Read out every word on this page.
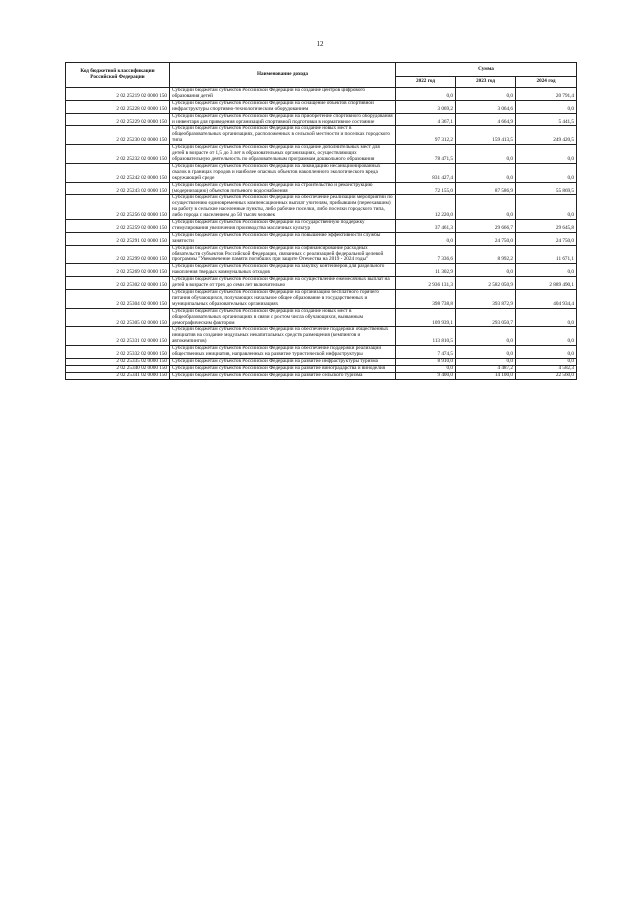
12
Код бюджетной классификации Российской Федерации	Наименование дохода	Сумма		
		2022 год	2023 год	2024 год
2 02 25219 02 0000 150	Субсидии бюджетам субъектов Российской Федерации на создание центров цифрового образования детей	0,0	0,0	20 791,4
2 02 25228 02 0000 150	Субсидии бюджетам субъектов Российской Федерации на оснащение объектов спортивной инфраструктуры спортивно-технологическим оборудованием	3 069,2	3 064,6	0,0
2 02 25229 02 0000 150	Субсидии бюджетам субъектов Российской Федерации на приобретение спортивного оборудования и инвентаря для приведения организаций спортивной подготовки в нормативное состояние	4 367,1	4 664,9	5 441,5
2 02 25230 02 0000 150	Субсидии бюджетам субъектов Российской Федерации на создание новых мест в общеобразовательных организациях, расположенных в сельской местности и поселках городского типа	97 312,2	159 413,5	249 420,5
2 02 25232 02 0000 150	Субсидии бюджетам субъектов Российской Федерации на создание дополнительных мест для детей в возрасте от 1,5 до 3 лет в образовательных организациях, осуществляющих образовательную деятельность по образовательным программам дошкольного образования	78 471,5	0,0	0,0
2 02 25242 02 0000 150	Субсидии бюджетам субъектов Российской Федерации на ликвидацию несанкционированных свалок в границах городов и наиболее опасных объектов накопленного экологического вреда окружающей среде	831 427,4	0,0	0,0
2 02 25243 02 0000 150	Субсидии бюджетам субъектов Российской Федерации на строительство и реконструкцию (модернизацию) объектов питьевого водоснабжения	72 155,0	87 586,9	55 869,5
2 02 25256 02 0000 150	Субсидии бюджетам субъектов Российской Федерации на обеспечение реализации мероприятий по осуществлению единовременных компенсационных выплат учителям, прибывшим (переехавшим) на работу в сельские населенные пункты, либо рабочие поселки, либо поселки городского типа, либо города с населением до 50 тысяч человек	12 220,0	0,0	0,0
2 02 25259 02 0000 150	Субсидии бюджетам субъектов Российской Федерации на государственную поддержку стимулирования увеличения производства масличных культур	37 461,3	29 666,7	29 645,8
2 02 25291 02 0000 150	Субсидии бюджетам субъектов Российской Федерации на повышение эффективности службы занятости	0,0	24 750,0	24 750,0
2 02 25299 02 0000 150	Субсидии бюджетам субъектов Российской Федерации на софинансирование расходных обязательств субъектов Российской Федерации, связанных с реализацией федеральной целевой программы "Увековечение памяти погибших при защите Отечества на 2019 - 2024 годы"	7 336,6	8 992,2	11 671,1
2 02 25269 02 0000 150	Субсидии бюджетам субъектов Российской Федерации на закупку контейнеров для раздельного накопления твердых коммунальных отходов	11 302,9	0,0	0,0
2 02 25302 02 0000 150	Субсидии бюджетам субъектов Российской Федерации на осуществление ежемесячных выплат на детей в возрасте от трех до семи лет включительно	2 936 131,3	2 582 050,9	2 889 490,1
2 02 25304 02 0000 150	Субсидии бюджетам субъектов Российской Федерации на организацию бесплатного горячего питания обучающихся, получающих начальное общее образование в государственных и муниципальных образовательных организациях	398 738,8	393 872,9	404 934,4
2 02 25305 02 0000 150	Субсидии бюджетам субъектов Российской Федерации на создание новых мест в общеобразовательных организациях в связи с ростом числа обучающихся, вызванным демографическим фактором	109 939,1	293 050,7	0,0
2 02 25331 02 0000 150	Субсидии бюджетам субъектов Российской Федерации на обеспечение поддержки общественных инициатив на создание модульных некапитальных средств размещения (кемпингов и автокемпингов)	113 810,5	0,0	0,0
2 02 25332 02 0000 150	Субсидии бюджетам субъектов Российской Федерации на обеспечение поддержки реализации общественных инициатив, направленных на развитие туристической инфраструктуры	7 474,5	0,0	0,0
2 02 25335 02 0000 150	Субсидии бюджетам субъектов Российской Федерации на развитие инфраструктуры туризма	8 910,0	0,0	0,0
2 02 25340 02 0000 150	Субсидии бюджетам субъектов Российской Федерации на развитие виноградарства и виноделия	0,0	4 487,2	4 582,3
2 02 25341 02 0000 150	Субсидии бюджетам субъектов Российской Федерации на развитие сельского туризма	9 400,0	14 100,0	22 560,0
